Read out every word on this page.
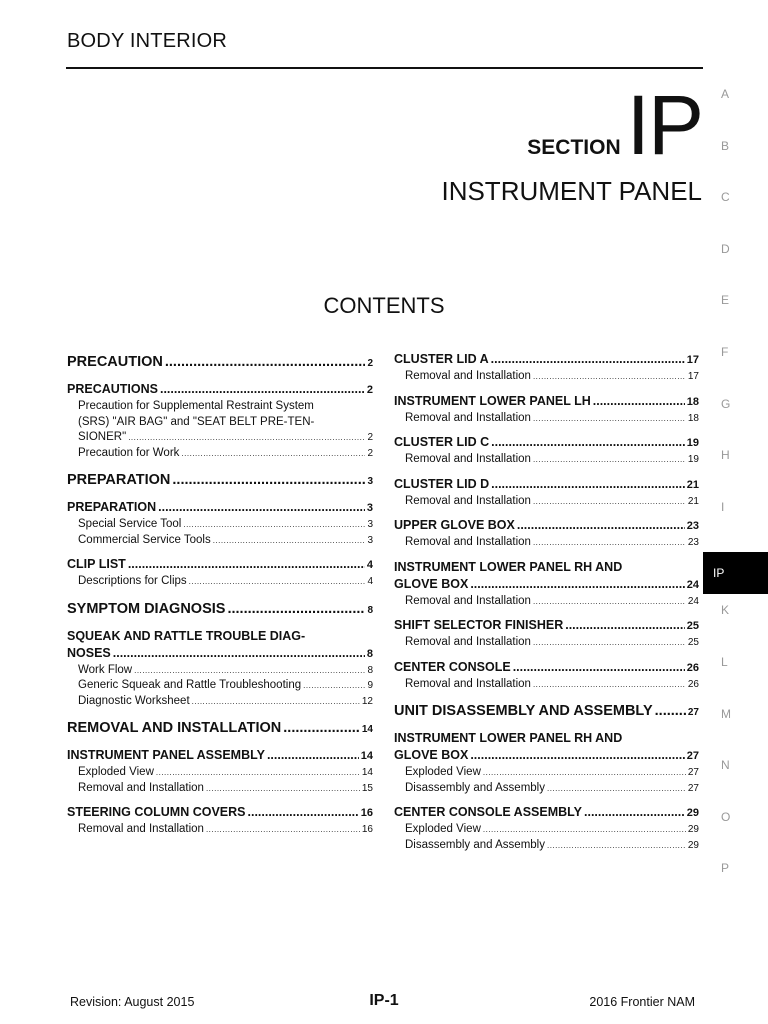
BODY INTERIOR
SECTIONIP
INSTRUMENT PANEL
CONTENTS
A
B
C
D
E
F
G
H
I
IP
K
L
M
N
O
P
PRECAUTION .....	2
PRECAUTIONS .....	2
Precaution for Supplemental Restraint System
(SRS) "AIR BAG" and "SEAT BELT PRE-TEN-
SIONER" .....	2
Precaution for Work .....	2
PREPARATION .....	3
PREPARATION .....	3
Special Service Tool .....	3
Commercial Service Tools .....	3
CLIP LIST .....	4
Descriptions for Clips .....	4
SYMPTOM DIAGNOSIS .....	8
SQUEAK AND RATTLE TROUBLE DIAG-
NOSES .....	8
Work Flow .....	8
Generic Squeak and Rattle Troubleshooting .....	9
Diagnostic Worksheet .....	12
REMOVAL AND INSTALLATION .....	14
INSTRUMENT PANEL ASSEMBLY .....	14
Exploded View .....	14
Removal and Installation .....	15
STEERING COLUMN COVERS .....	16
Removal and Installation .....	16
CLUSTER LID A .....	17
Removal and Installation .....	17
INSTRUMENT LOWER PANEL LH .....	18
Removal and Installation .....	18
CLUSTER LID C .....	19
Removal and Installation .....	19
CLUSTER LID D .....	21
Removal and Installation .....	21
UPPER GLOVE BOX .....	23
Removal and Installation .....	23
INSTRUMENT LOWER PANEL RH AND
GLOVE BOX .....	24
Removal and Installation .....	24
SHIFT SELECTOR FINISHER .....	25
Removal and Installation .....	25
CENTER CONSOLE .....	26
Removal and Installation .....	26
UNIT DISASSEMBLY AND ASSEMBLY .....	27
INSTRUMENT LOWER PANEL RH AND
GLOVE BOX .....	27
Exploded View .....	27
Disassembly and Assembly .....	27
CENTER CONSOLE ASSEMBLY .....	29
Exploded View .....	29
Disassembly and Assembly .....	29
Revision: August 2015	IP-1	2016 Frontier NAM
